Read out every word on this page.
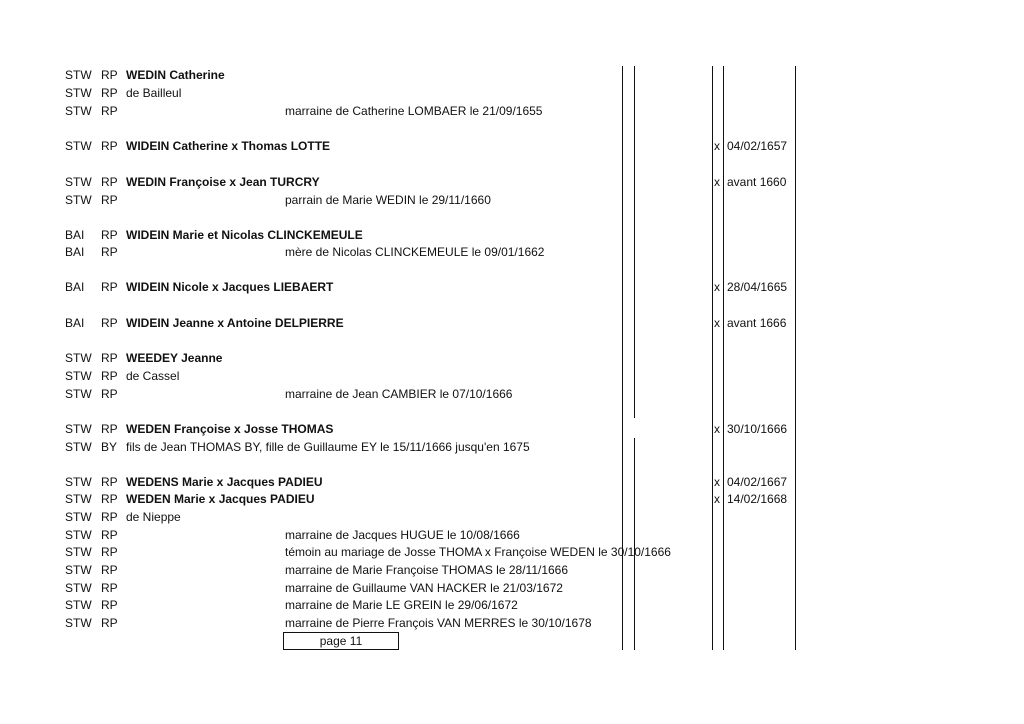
STW RP WEDIN Catherine
STW RP de Bailleul
STW RP	marraine de Catherine LOMBAER le 21/09/1655
STW RP WIDEIN Catherine x Thomas LOTTE	x 04/02/1657
STW RP WEDIN Françoise x Jean TURCRY	x avant 1660
STW RP	parrain de Marie WEDIN le 29/11/1660
BAI RP WIDEIN Marie et Nicolas CLINCKEMEULE
BAI RP	mère de Nicolas CLINCKEMEULE le 09/01/1662
BAI RP WIDEIN Nicole x Jacques LIEBAERT	x 28/04/1665
BAI RP WIDEIN Jeanne x Antoine DELPIERRE	x avant 1666
STW RP WEEDEY Jeanne
STW RP de Cassel
STW RP	marraine de Jean CAMBIER le 07/10/1666
STW RP WEDEN Françoise x Josse THOMAS	x 30/10/1666
STW BY fils de Jean THOMAS BY, fille de Guillaume EY le 15/11/1666 jusqu'en 1675
STW RP WEDENS Marie x Jacques PADIEU	x 04/02/1667
STW RP WEDEN Marie x Jacques PADIEU	x 14/02/1668
STW RP de Nieppe
STW RP	marraine de Jacques HUGUE le 10/08/1666
STW RP	témoin au mariage de Josse THOMA x Françoise WEDEN le 30/10/1666
STW RP	marraine de Marie Françoise THOMAS le 28/11/1666
STW RP	marraine de Guillaume VAN HACKER le 21/03/1672
STW RP	marraine de Marie LE GREIN le 29/06/1672
STW RP	marraine de Pierre François VAN MERRES le 30/10/1678
page 11
